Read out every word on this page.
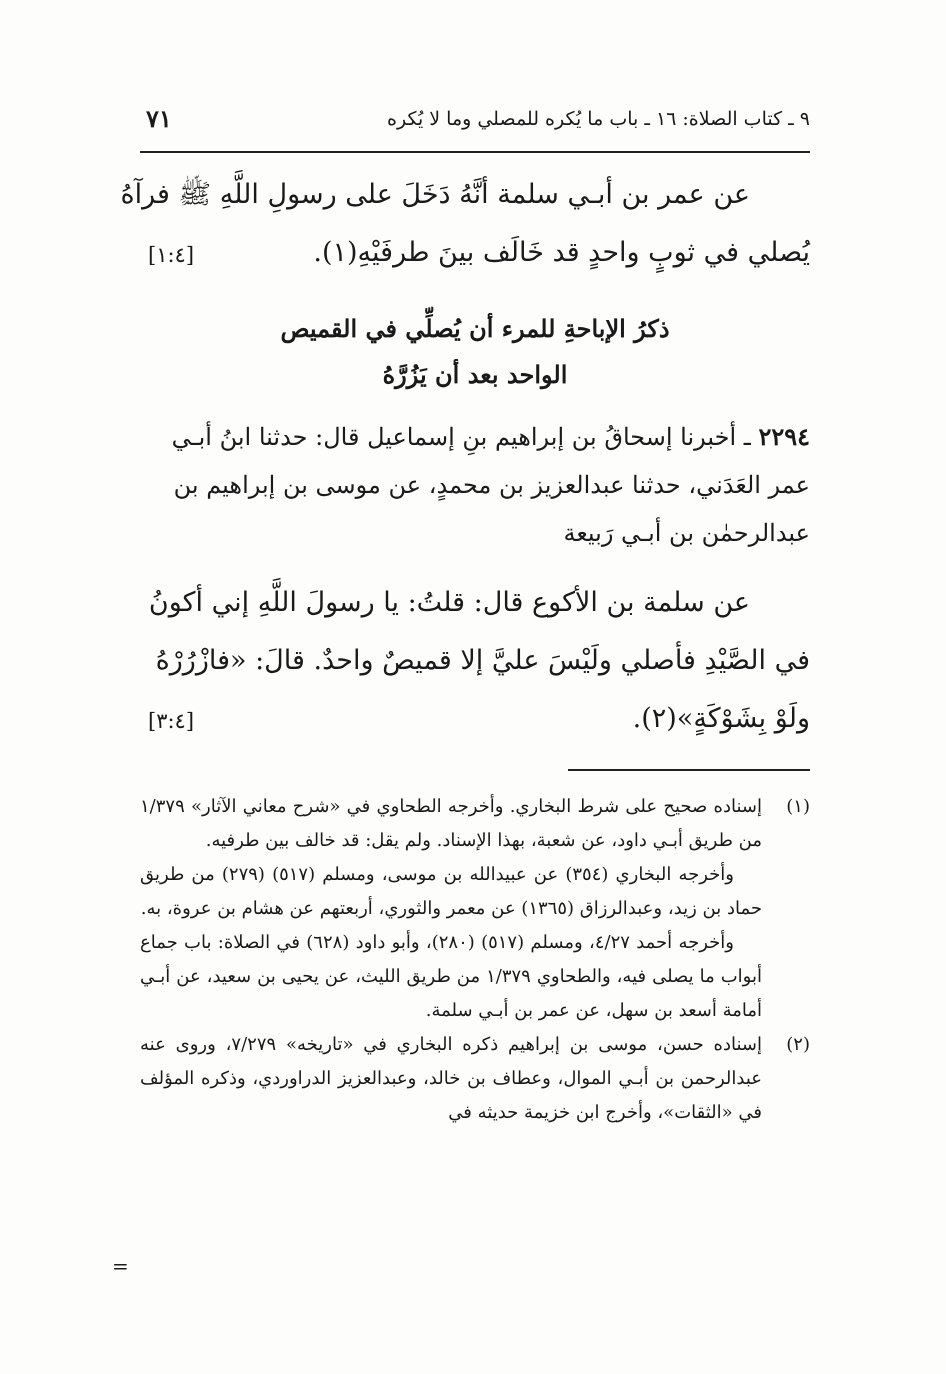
٩ ـ كتاب الصلاة: ١٦ ـ باب ما يُكره للمصلي وما لا يُكره
٧١
عن عمر بن أبـي سلمة أنَّهُ دَخَلَ على رسولِ اللَّهِ ﷺ فرآهُ
يُصلي في ثوبٍ واحدٍ قد خَالَف بينَ طرفَيْهِ(١).
[١:٤]
ذكرُ الإباحةِ للمرء أن يُصلِّي في القميص
الواحد بعد أن يَزُرَّهُ
٢٢٩٤ ـ أخبرنا إسحاقُ بن إبراهيم بنِ إسماعيل قال: حدثنا ابنُ أبـي عمر العَدَني، حدثنا عبدالعزيز بن محمدٍ، عن موسى بن إبراهيم بن عبدالرحمٰن بن أبـي رَبيعة
عن سلمة بن الأكوع قال: قلتُ: يا رسولَ اللَّهِ إني أكونُ
في الصَّيْدِ فأصلي ولَيْسَ عليَّ إلا قميصٌ واحدٌ. قالَ: «فازْرُرْهُ
ولَوْ بِشَوْكَةٍ»(٢).
[٣:٤]
(١)

إسناده صحيح على شرط البخاري. وأخرجه الطحاوي في «شرح معاني الآثار» ١/٣٧٩ من طريق أبـي داود، عن شعبة، بهذا الإسناد. ولم يقل: قد خالف بين طرفيه.

وأخرجه البخاري (٣٥٤) عن عبيدالله بن موسى، ومسلم (٥١٧) (٢٧٩) من طريق حماد بن زيد، وعبدالرزاق (١٣٦٥) عن معمر والثوري، أربعتهم عن هشام بن عروة، به.

وأخرجه أحمد ٤/٢٧، ومسلم (٥١٧) (٢٨٠)، وأبو داود (٦٢٨) في الصلاة: باب جماع أبواب ما يصلى فيه، والطحاوي ١/٣٧٩ من طريق الليث، عن يحيى بن سعيد، عن أبـي أمامة أسعد بن سهل، عن عمر بن أبـي سلمة.

(٢)

إسناده حسن، موسى بن إبراهيم ذكره البخاري في «تاريخه» ٧/٢٧٩، وروى عنه عبدالرحمن بن أبـي الموال، وعطاف بن خالد، وعبدالعزيز الدراوردي، وذكره المؤلف في «الثقات»، وأخرج ابن خزيمة حديثه في

=
